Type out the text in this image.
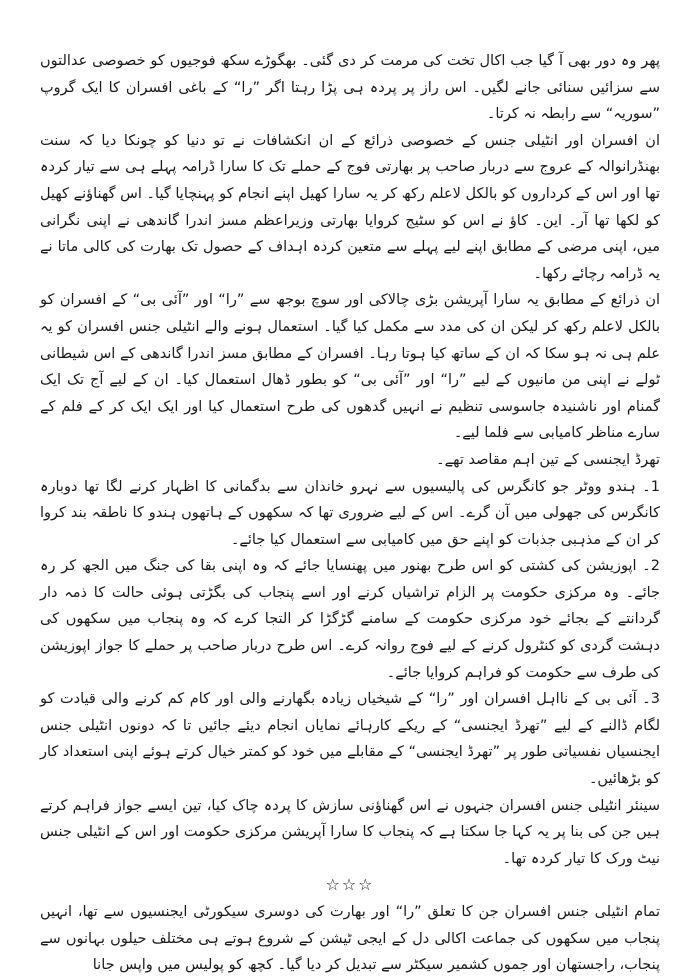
پھر وہ دور بھی آ گیا جب اکال تخت کی مرمت کر دی گئی۔ بھگوڑے سکھ فوجیوں کو خصوصی عدالتوں سے سزائیں سنائی جانے لگیں۔ اس راز پر پردہ ہی پڑا رہتا اگر ”را“ کے باغی افسران کا ایک گروپ ”سوریہ“ سے رابطہ نہ کرتا۔

ان افسران اور انٹیلی جنس کے خصوصی ذرائع کے ان انکشافات نے تو دنیا کو چونکا دیا کہ سنت بھنڈرانوالہ کے عروج سے دربار صاحب پر بھارتی فوج کے حملے تک کا سارا ڈرامہ پہلے ہی سے تیار کردہ تھا اور اس کے کرداروں کو بالکل لاعلم رکھ کر یہ سارا کھیل اپنے انجام کو پہنچایا گیا۔ اس گھناؤنے کھیل کو لکھا تھا آر۔ این۔ کاؤ نے اس کو سٹیج کروایا بھارتی وزیراعظم مسز اندرا گاندھی نے اپنی نگرانی میں، اپنی مرضی کے مطابق اپنے لیے پہلے سے متعین کردہ اہداف کے حصول تک بھارت کی کالی ماتا نے یہ ڈرامہ رچائے رکھا۔

ان ذرائع کے مطابق یہ سارا آپریشن بڑی چالاکی اور سوچ بوجھ سے ”را“ اور ”آئی بی“ کے افسران کو بالکل لاعلم رکھ کر لیکن ان کی مدد سے مکمل کیا گیا۔ استعمال ہونے والے انٹیلی جنس افسران کو یہ علم ہی نہ ہو سکا کہ ان کے ساتھ کیا ہوتا رہا۔ افسران کے مطابق مسز اندرا گاندھی کے اس شیطانی ٹولے نے اپنی من مانیوں کے لیے ”را“ اور ”آئی بی“ کو بطور ڈھال استعمال کیا۔ ان کے لیے آج تک ایک گمنام اور ناشنیدہ جاسوسی تنظیم نے انہیں گدھوں کی طرح استعمال کیا اور ایک ایک کر کے فلم کے سارے مناظر کامیابی سے فلما لیے۔

تھرڈ ایجنسی کے تین اہم مقاصد تھے۔

1۔ ہندو ووٹر جو کانگرس کی پالیسیوں سے نہرو خاندان سے بدگمانی کا اظہار کرنے لگا تھا دوبارہ کانگرس کی جھولی میں آن گرے۔ اس کے لیے ضروری تھا کہ سکھوں کے ہاتھوں ہندو کا ناطقہ بند کروا کر ان کے مذہبی جذبات کو اپنے حق میں کامیابی سے استعمال کیا جائے۔

2۔ اپوزیشن کی کشتی کو اس طرح بھنور میں پھنسایا جائے کہ وہ اپنی بقا کی جنگ میں الجھ کر رہ جائے۔ وہ مرکزی حکومت پر الزام تراشیاں کرنے اور اسے پنجاب کی بگڑتی ہوئی حالت کا ذمہ دار گردانتے کے بجائے خود مرکزی حکومت کے سامنے گڑگڑا کر التجا کرے کہ وہ پنجاب میں سکھوں کی دہشت گردی کو کنٹرول کرنے کے لیے فوج روانہ کرے۔ اس طرح دربار صاحب پر حملے کا جواز اپوزیشن کی طرف سے حکومت کو فراہم کروایا جائے۔

3۔ آئی بی کے نااہل افسران اور ”را“ کے شیخیاں زیادہ بگھارنے والی اور کام کم کرنے والی قیادت کو لگام ڈالنے کے لیے ”تھرڈ ایجنسی“ کے ریکے کارہائے نمایاں انجام دیئے جائیں تا کہ دونوں انٹیلی جنس ایجنسیاں نفسیاتی طور پر ”تھرڈ ایجنسی“ کے مقابلے میں خود کو کمتر خیال کرتے ہوئے اپنی استعداد کار کو بڑھائیں۔

سینئر انٹیلی جنس افسران جنہوں نے اس گھناؤنی سازش کا پردہ چاک کیا، تین ایسے جواز فراہم کرتے ہیں جن کی بنا پر یہ کہا جا سکتا ہے کہ پنجاب کا سارا آپریشن مرکزی حکومت اور اس کے انٹیلی جنس نیٹ ورک کا تیار کردہ تھا۔

☆☆☆

تمام انٹیلی جنس افسران جن کا تعلق ”را“ اور بھارت کی دوسری سیکورٹی ایجنسیوں سے تھا، انہیں پنجاب میں سکھوں کی جماعت اکالی دل کے ایجی ٹیشن کے شروع ہوتے ہی مختلف حیلوں بہانوں سے پنجاب، راجستھان اور جموں کشمیر سیکٹر سے تبدیل کر دیا گیا۔ کچھ کو پولیس میں واپس جانا
